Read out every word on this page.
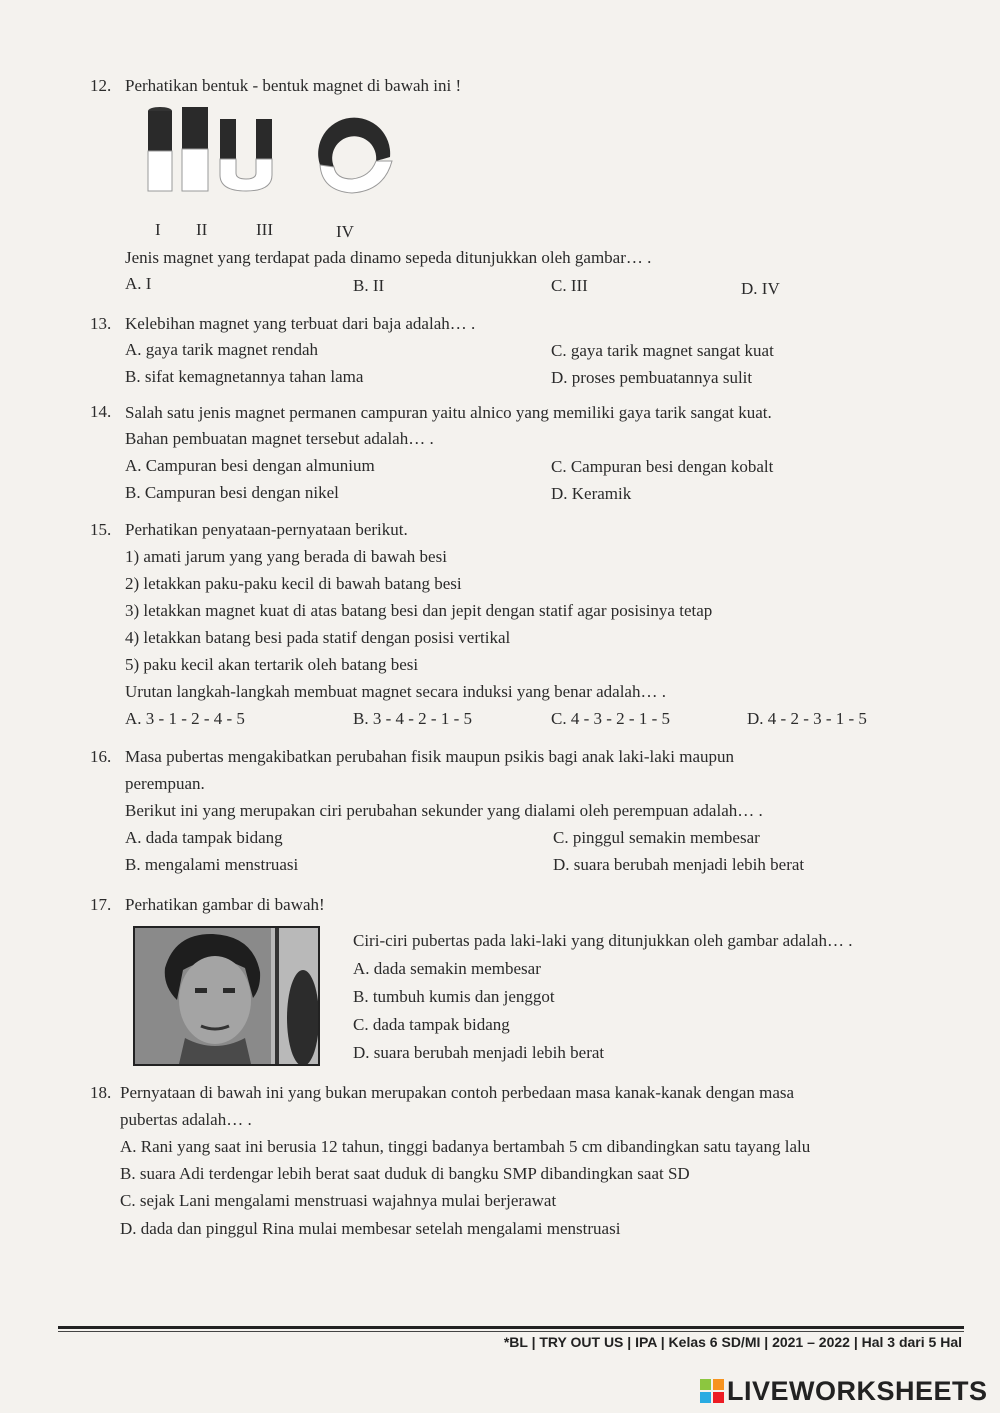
12. Perhatikan bentuk - bentuk magnet di bawah ini !
I II	III	IV
Jenis magnet yang terdapat pada dinamo sepeda ditunjukkan oleh gambar… .
A. I	B. II	C. III	D. IV
13. Kelebihan magnet yang terbuat dari baja adalah… .
A. gaya tarik magnet rendah	C. gaya tarik magnet sangat kuat
B. sifat kemagnetannya tahan lama	D. proses pembuatannya sulit
14. Salah satu jenis magnet permanen campuran yaitu alnico yang memiliki gaya tarik sangat kuat.
Bahan pembuatan magnet tersebut adalah… .
A. Campuran besi dengan almunium	C. Campuran besi dengan kobalt
B. Campuran besi dengan nikel	D. Keramik
15. Perhatikan penyataan-pernyataan berikut.
1) amati jarum yang yang berada di bawah besi
2) letakkan paku-paku kecil di bawah batang besi
3) letakkan magnet kuat di atas batang besi dan jepit dengan statif agar posisinya tetap
4) letakkan batang besi pada statif dengan posisi vertikal
5) paku kecil akan tertarik oleh batang besi
Urutan langkah-langkah membuat magnet secara induksi yang benar adalah… .
A. 3 - 1 - 2 - 4 - 5	B. 3 - 4 - 2 - 1 - 5	C. 4 - 3 - 2 - 1 - 5	D. 4 - 2 - 3 - 1 - 5
16. Masa pubertas mengakibatkan perubahan fisik maupun psikis bagi anak laki-laki maupun
perempuan.
Berikut ini yang merupakan ciri perubahan sekunder yang dialami oleh perempuan adalah… .
A. dada tampak bidang	C. pinggul semakin membesar
B. mengalami menstruasi	D. suara berubah menjadi lebih berat
17. Perhatikan gambar di bawah!
Ciri-ciri pubertas pada laki-laki yang ditunjukkan oleh gambar adalah… .
A. dada semakin membesar
B. tumbuh kumis dan jenggot
C. dada tampak bidang
D. suara berubah menjadi lebih berat
18. Pernyataan di bawah ini yang bukan merupakan contoh perbedaan masa kanak-kanak dengan masa
pubertas adalah… .
A. Rani yang saat ini berusia 12 tahun, tinggi badanya bertambah 5 cm dibandingkan satu tayang lalu
B. suara Adi terdengar lebih berat saat duduk di bangku SMP dibandingkan saat SD
C. sejak Lani mengalami menstruasi wajahnya mulai berjerawat
D. dada dan pinggul Rina mulai membesar setelah mengalami menstruasi
*BL | TRY OUT US | IPA | Kelas 6 SD/MI | 2021 – 2022 | Hal 3 dari 5 Hal
LIVEWORKSHEETS
